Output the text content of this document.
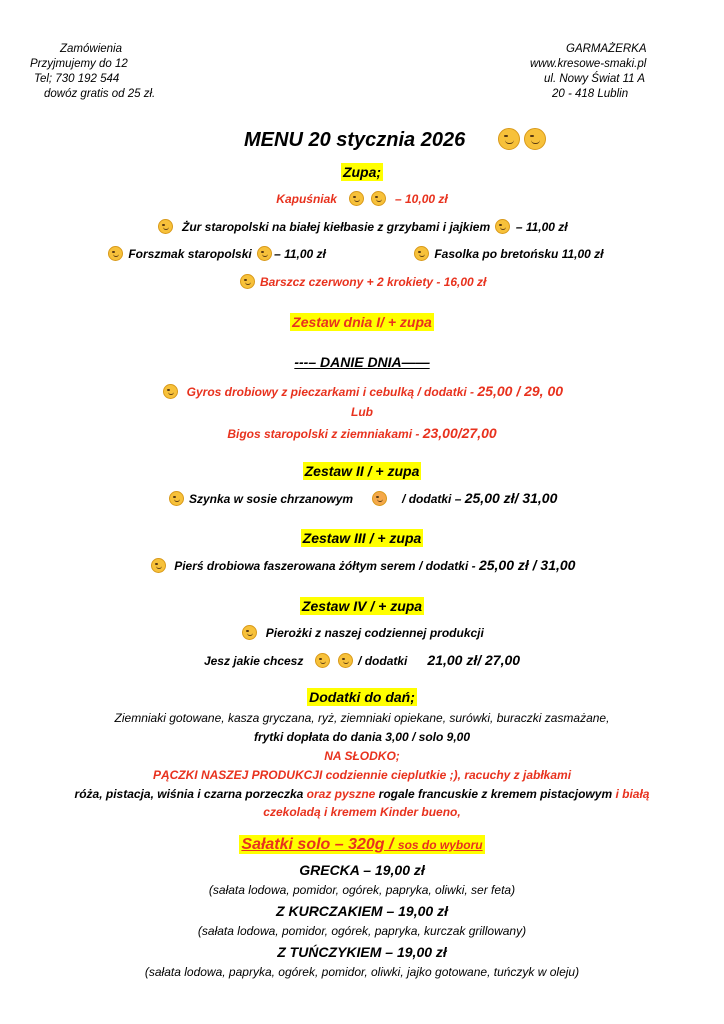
Zamówienia
Przyjmujemy do 12
Tel; 730 192 544
dowóz gratis od 25 zł.
GARMAŻERKA
www.kresowe-smaki.pl
ul. Nowy Świat 11 A
20 - 418 Lublin
MENU 20 stycznia 2026
Zupa;
Kapuśniak	– 10,00 zł
Żur staropolski na białej kiełbasie z grzybami i jajkiem – 11,00 zł
Forszmak staropolski – 11,00 zł	Fasolka po bretońsku 11,00 zł
Barszcz czerwony + 2 krokiety - 16,00 zł
Zestaw dnia I/ + zupa
---– DANIE DNIA——
Gyros drobiowy z pieczarkami i cebulką / dodatki - 25,00 / 29, 00
Lub
Bigos staropolski z ziemniakami - 23,00/27,00
Zestaw II / + zupa
Szynka w sosie chrzanowym	/ dodatki – 25,00 zł/ 31,00
Zestaw III / + zupa
Pierś drobiowa faszerowana żółtym serem / dodatki - 25,00 zł / 31,00
Zestaw IV / + zupa
Pierożki z naszej codziennej produkcji
Jesz jakie chcesz	/ dodatki 21,00 zł/ 27,00
Dodatki do dań;
Ziemniaki gotowane, kasza gryczana, ryż, ziemniaki opiekane, surówki, buraczki zasmażane,
frytki dopłata do dania 3,00 / solo 9,00
NA SŁODKO;
PĄCZKI NASZEJ PRODUKCJI codziennie cieplutkie ;), racuchy z jabłkami
róża, pistacja, wiśnia i czarna porzeczka oraz pyszne rogale francuskie z kremem pistacjowym i białą
czekoladą i kremem Kinder bueno,
Sałatki solo – 320g / sos do wyboru
GRECKA – 19,00 zł
(sałata lodowa, pomidor, ogórek, papryka, oliwki, ser feta)
Z KURCZAKIEM – 19,00 zł
(sałata lodowa, pomidor, ogórek, papryka, kurczak grillowany)
Z TUŃCZYKIEM – 19,00 zł
(sałata lodowa, papryka, ogórek, pomidor, oliwki, jajko gotowane, tuńczyk w oleju)
